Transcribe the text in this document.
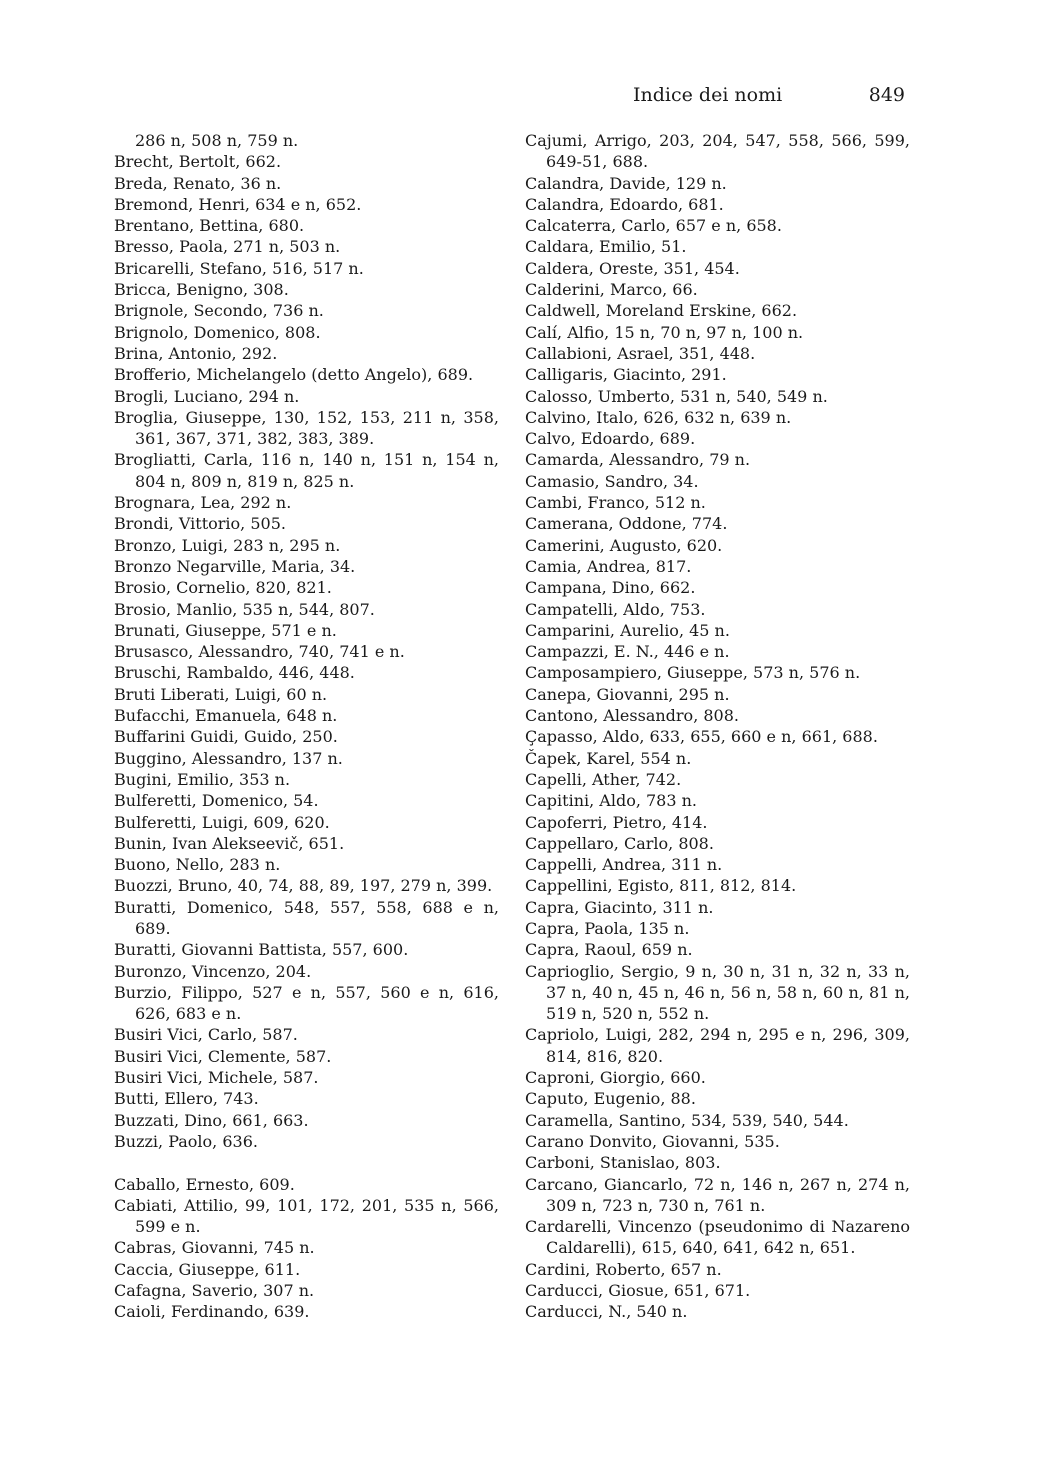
Indice dei nomi	849

286 n, 508 n, 759 n.

Brecht, Bertolt, 662.

Breda, Renato, 36 n.

Bremond, Henri, 634 e n, 652.

Brentano, Bettina, 680.

Bresso, Paola, 271 n, 503 n.

Bricarelli, Stefano, 516, 517 n.

Bricca, Benigno, 308.

Brignole, Secondo, 736 n.

Brignolo, Domenico, 808.

Brina, Antonio, 292.

Brofferio, Michelangelo (detto Angelo), 689.

Brogli, Luciano, 294 n.

Broglia, Giuseppe, 130, 152, 153, 211 n, 358, 361, 367, 371, 382, 383, 389.

Brogliatti, Carla, 116 n, 140 n, 151 n, 154 n, 804 n, 809 n, 819 n, 825 n.

Brognara, Lea, 292 n.

Brondi, Vittorio, 505.

Bronzo, Luigi, 283 n, 295 n.

Bronzo Negarville, Maria, 34.

Brosio, Cornelio, 820, 821.

Brosio, Manlio, 535 n, 544, 807.

Brunati, Giuseppe, 571 e n.

Brusasco, Alessandro, 740, 741 e n.

Bruschi, Rambaldo, 446, 448.

Bruti Liberati, Luigi, 60 n.

Bufacchi, Emanuela, 648 n.

Buffarini Guidi, Guido, 250.

Buggino, Alessandro, 137 n.

Bugini, Emilio, 353 n.

Bulferetti, Domenico, 54.

Bulferetti, Luigi, 609, 620.

Bunin, Ivan Alekseevič, 651.

Buono, Nello, 283 n.

Buozzi, Bruno, 40, 74, 88, 89, 197, 279 n, 399.

Buratti, Domenico, 548, 557, 558, 688 e n, 689.

Buratti, Giovanni Battista, 557, 600.

Buronzo, Vincenzo, 204.

Burzio, Filippo, 527 e n, 557, 560 e n, 616, 626, 683 e n.

Busiri Vici, Carlo, 587.

Busiri Vici, Clemente, 587.

Busiri Vici, Michele, 587.

Butti, Ellero, 743.

Buzzati, Dino, 661, 663.

Buzzi, Paolo, 636.

Caballo, Ernesto, 609.

Cabiati, Attilio, 99, 101, 172, 201, 535 n, 566, 599 e n.

Cabras, Giovanni, 745 n.

Caccia, Giuseppe, 611.

Cafagna, Saverio, 307 n.

Caioli, Ferdinando, 639.

Cajumi, Arrigo, 203, 204, 547, 558, 566, 599, 649-51, 688.

Calandra, Davide, 129 n.

Calandra, Edoardo, 681.

Calcaterra, Carlo, 657 e n, 658.

Caldara, Emilio, 51.

Caldera, Oreste, 351, 454.

Calderini, Marco, 66.

Caldwell, Moreland Erskine, 662.

Calí, Alfio, 15 n, 70 n, 97 n, 100 n.

Callabioni, Asrael, 351, 448.

Calligaris, Giacinto, 291.

Calosso, Umberto, 531 n, 540, 549 n.

Calvino, Italo, 626, 632 n, 639 n.

Calvo, Edoardo, 689.

Camarda, Alessandro, 79 n.

Camasio, Sandro, 34.

Cambi, Franco, 512 n.

Camerana, Oddone, 774.

Camerini, Augusto, 620.

Camia, Andrea, 817.

Campana, Dino, 662.

Campatelli, Aldo, 753.

Camparini, Aurelio, 45 n.

Campazzi, E. N., 446 e n.

Camposampiero, Giuseppe, 573 n, 576 n.

Canepa, Giovanni, 295 n.

Cantono, Alessandro, 808.

Çapasso, Aldo, 633, 655, 660 e n, 661, 688.

Čapek, Karel, 554 n.

Capelli, Ather, 742.

Capitini, Aldo, 783 n.

Capoferri, Pietro, 414.

Cappellaro, Carlo, 808.

Cappelli, Andrea, 311 n.

Cappellini, Egisto, 811, 812, 814.

Capra, Giacinto, 311 n.

Capra, Paola, 135 n.

Capra, Raoul, 659 n.

Caprioglio, Sergio, 9 n, 30 n, 31 n, 32 n, 33 n, 37 n, 40 n, 45 n, 46 n, 56 n, 58 n, 60 n, 81 n, 519 n, 520 n, 552 n.

Capriolo, Luigi, 282, 294 n, 295 e n, 296, 309, 814, 816, 820.

Caproni, Giorgio, 660.

Caputo, Eugenio, 88.

Caramella, Santino, 534, 539, 540, 544.

Carano Donvito, Giovanni, 535.

Carboni, Stanislao, 803.

Carcano, Giancarlo, 72 n, 146 n, 267 n, 274 n, 309 n, 723 n, 730 n, 761 n.

Cardarelli, Vincenzo (pseudonimo di Nazareno Caldarelli), 615, 640, 641, 642 n, 651.

Cardini, Roberto, 657 n.

Carducci, Giosue, 651, 671.

Carducci, N., 540 n.
